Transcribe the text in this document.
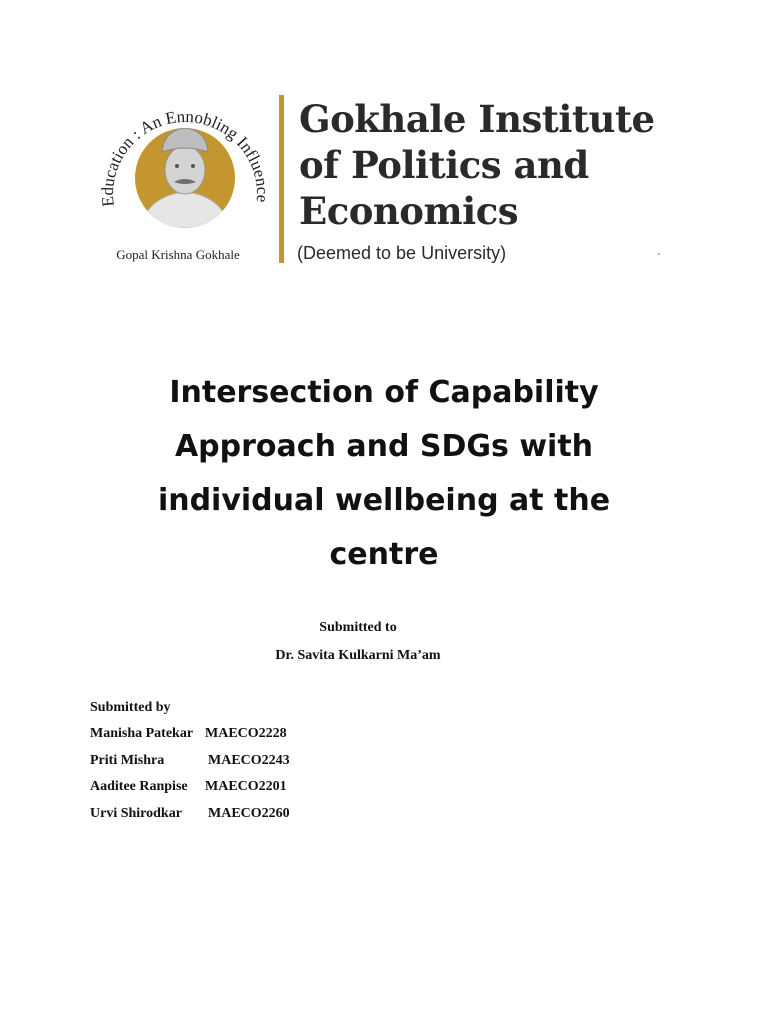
Education : An Ennobling Influence
Gopal Krishna Gokhale
Gokhale Institute
of Politics and
Economics
(Deemed to be University)	-
Intersection of Capability
Approach and SDGs with
individual wellbeing at the
centre
Submitted to
Dr. Savita Kulkarni Ma’am
Submitted by
Manisha Patekar MAECO2228
Priti Mishra	MAECO2243
Aaditee Ranpise	MAECO2201
Urvi Shirodkar	MAECO2260
